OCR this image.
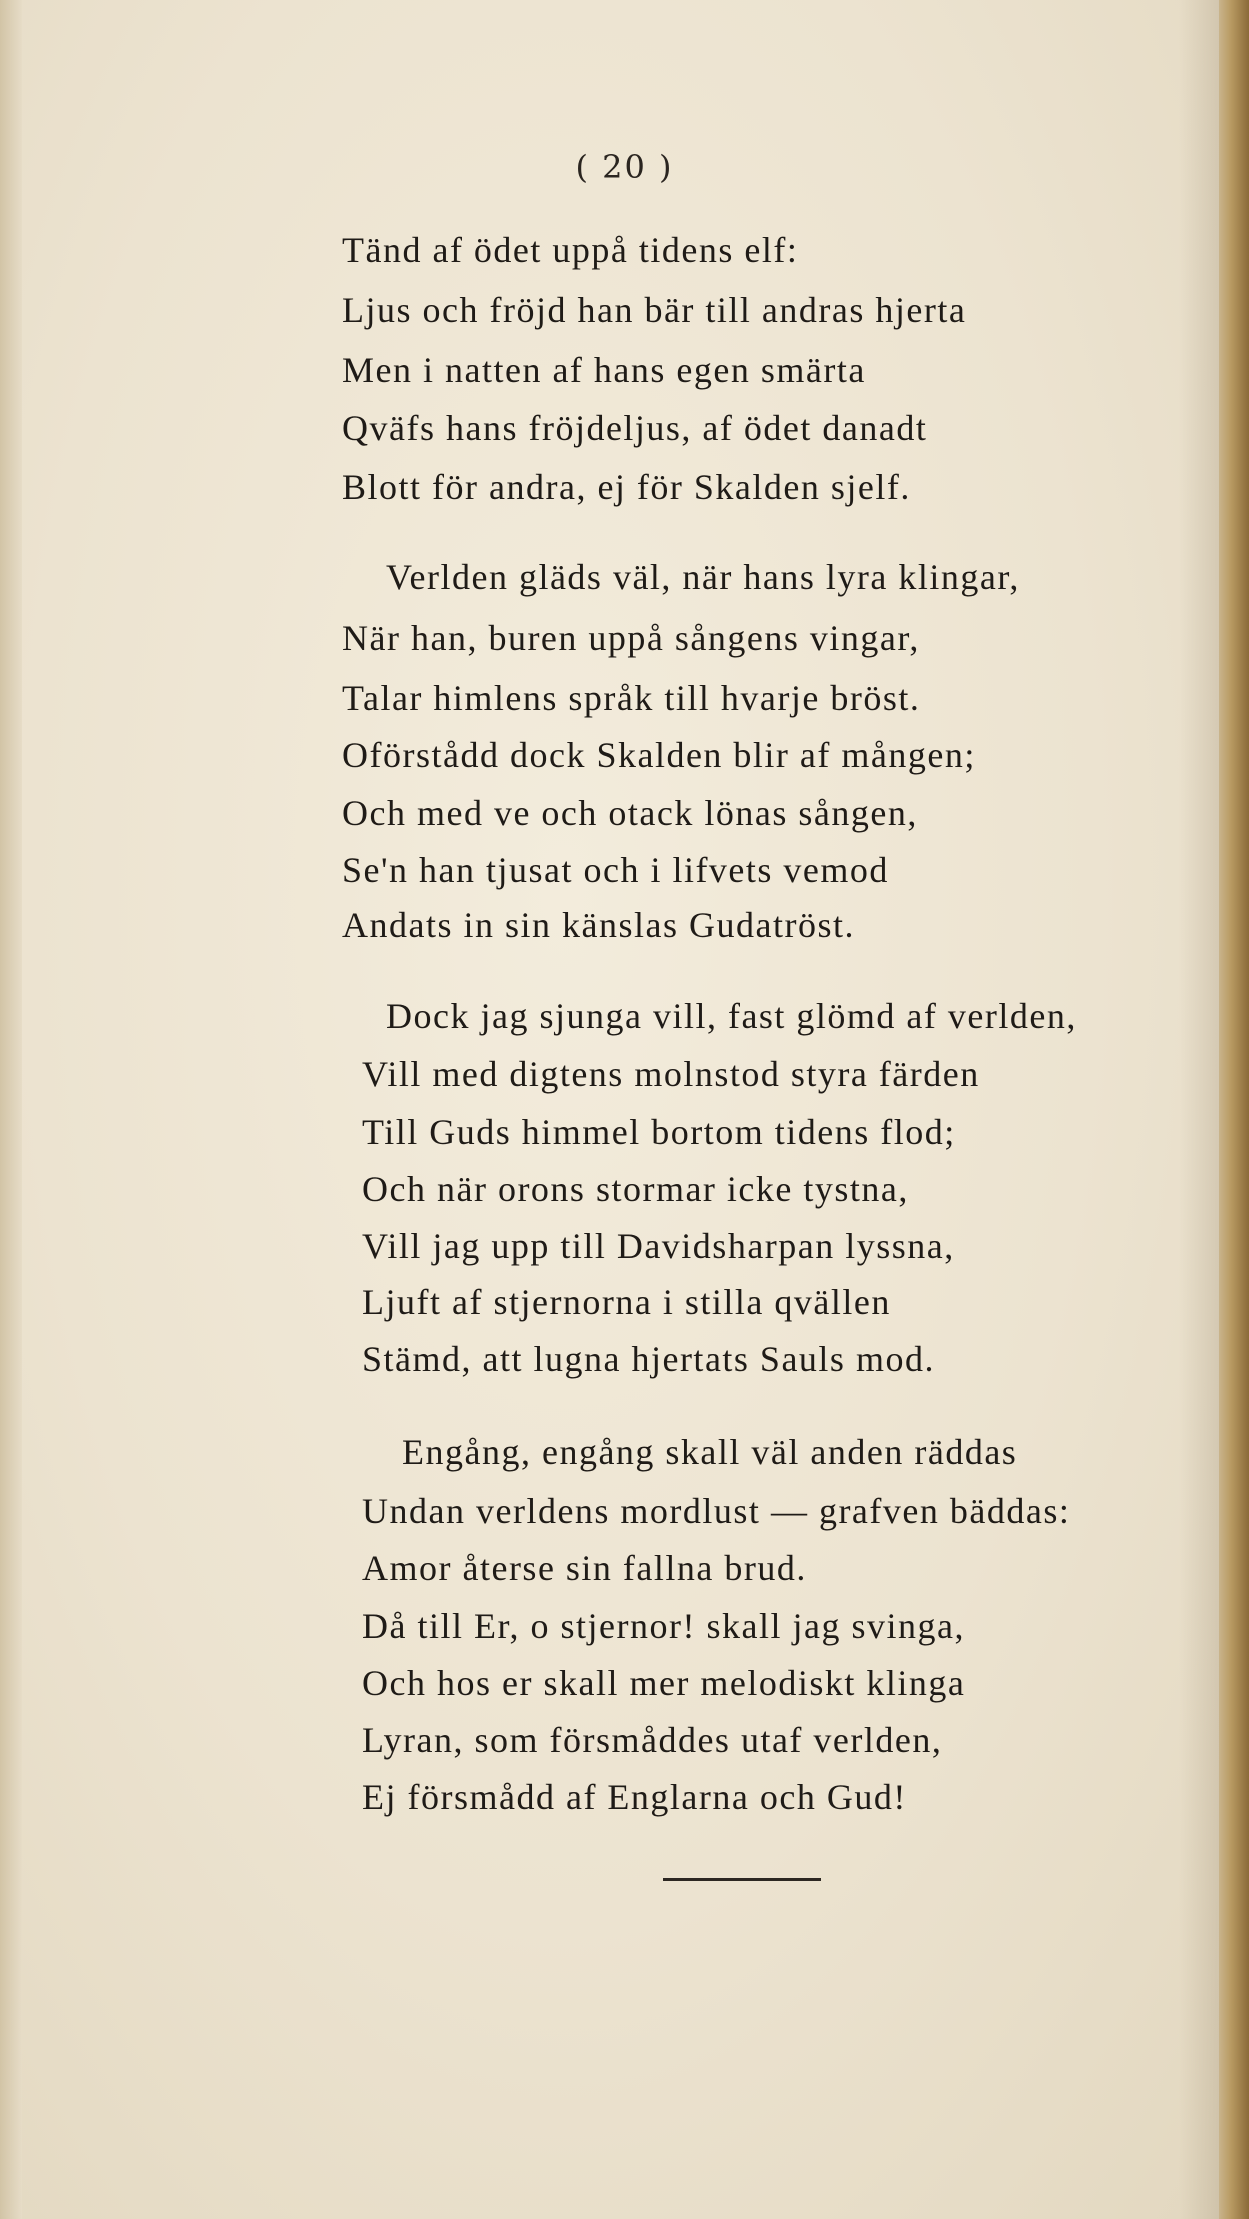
( 20 )
Tänd af ödet uppå tidens elf:
Ljus och fröjd han bär till andras hjerta
Men i natten af hans egen smärta
Qväfs hans fröjdeljus, af ödet danadt
Blott för andra, ej för Skalden sjelf.
Verlden gläds väl, när hans lyra klingar,
När han, buren uppå sångens vingar,
Talar himlens språk till hvarje bröst.
Oförstådd dock Skalden blir af mången;
Och med ve och otack lönas sången,
Se'n han tjusat och i lifvets vemod
Andats in sin känslas Gudatröst.
Dock jag sjunga vill, fast glömd af verlden,
Vill med digtens molnstod styra färden
Till Guds himmel bortom tidens flod;
Och när orons stormar icke tystna,
Vill jag upp till Davidsharpan lyssna,
Ljuft af stjernorna i stilla qvällen
Stämd, att lugna hjertats Sauls mod.
Engång, engång skall väl anden räddas
Undan verldens mordlust — grafven bäddas:
Amor återse sin fallna brud.
Då till Er, o stjernor! skall jag svinga,
Och hos er skall mer melodiskt klinga
Lyran, som försmåddes utaf verlden,
Ej försmådd af Englarna och Gud!
